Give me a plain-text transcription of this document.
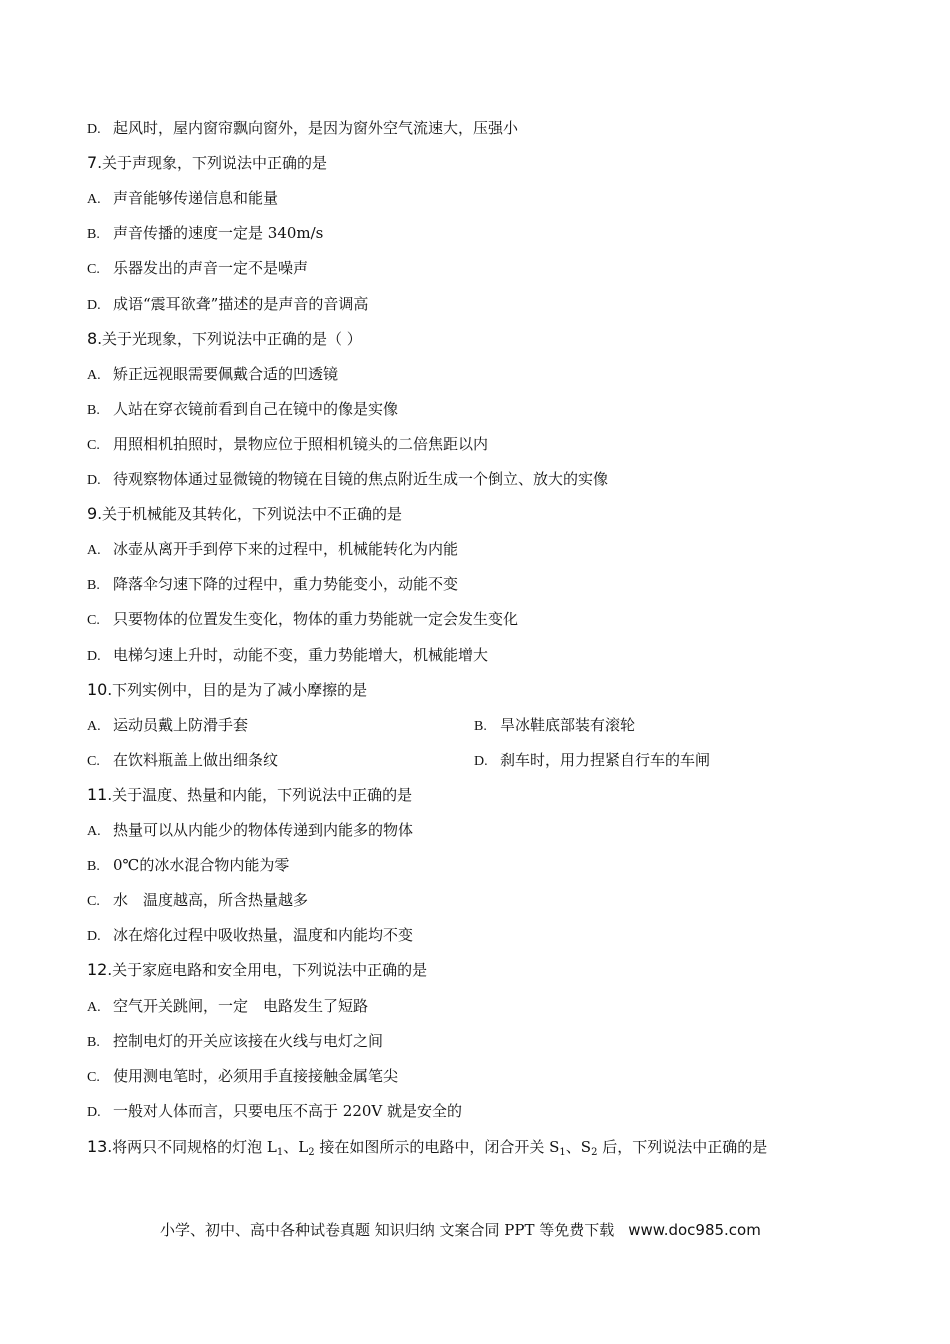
D. 起风时，屋内窗帘飘向窗外，是因为窗外空气流速大，压强小
7.关于声现象，下列说法中正确的是
A. 声音能够传递信息和能量
B. 声音传播的速度一定是 340m/s
C. 乐器发出的声音一定不是噪声
D. 成语“震耳欲聋”描述的是声音的音调高
8.关于光现象，下列说法中正确的是（ ）
A. 矫正远视眼需要佩戴合适的凹透镜
B. 人站在穿衣镜前看到自己在镜中的像是实像
C. 用照相机拍照时，景物应位于照相机镜头的二倍焦距以内
D. 待观察物体通过显微镜的物镜在目镜的焦点附近生成一个倒立、放大的实像
9.关于机械能及其转化，下列说法中不正确的是
A. 冰壶从离开手到停下来的过程中，机械能转化为内能
B. 降落伞匀速下降的过程中，重力势能变小，动能不变
C. 只要物体的位置发生变化，物体的重力势能就一定会发生变化
D. 电梯匀速上升时，动能不变，重力势能增大，机械能增大
10.下列实例中，目的是为了减小摩擦的是
A. 运动员戴上防滑手套	B. 旱冰鞋底部装有滚轮
C. 在饮料瓶盖上做出细条纹	D. 刹车时，用力捏紧自行车的车闸
11.关于温度、热量和内能，下列说法中正确的是
A. 热量可以从内能少的物体传递到内能多的物体
B. 0℃的冰水混合物内能为零
C. 水　温度越高，所含热量越多
D. 冰在熔化过程中吸收热量，温度和内能均不变
12.关于家庭电路和安全用电，下列说法中正确的是
A. 空气开关跳闸，一定　电路发生了短路
B. 控制电灯的开关应该接在火线与电灯之间
C. 使用测电笔时，必须用手直接接触金属笔尖
D. 一般对人体而言，只要电压不高于 220V 就是安全的
13.将两只不同规格的灯泡 $L_1$、$L_2$ 接在如图所示的电路中，闭合开关 $S_1$、$S_2$ 后，下列说法中正确的是
小学、初中、高中各种试卷真题 知识归纳 文案合同 PPT 等免费下载 www.doc985.com
